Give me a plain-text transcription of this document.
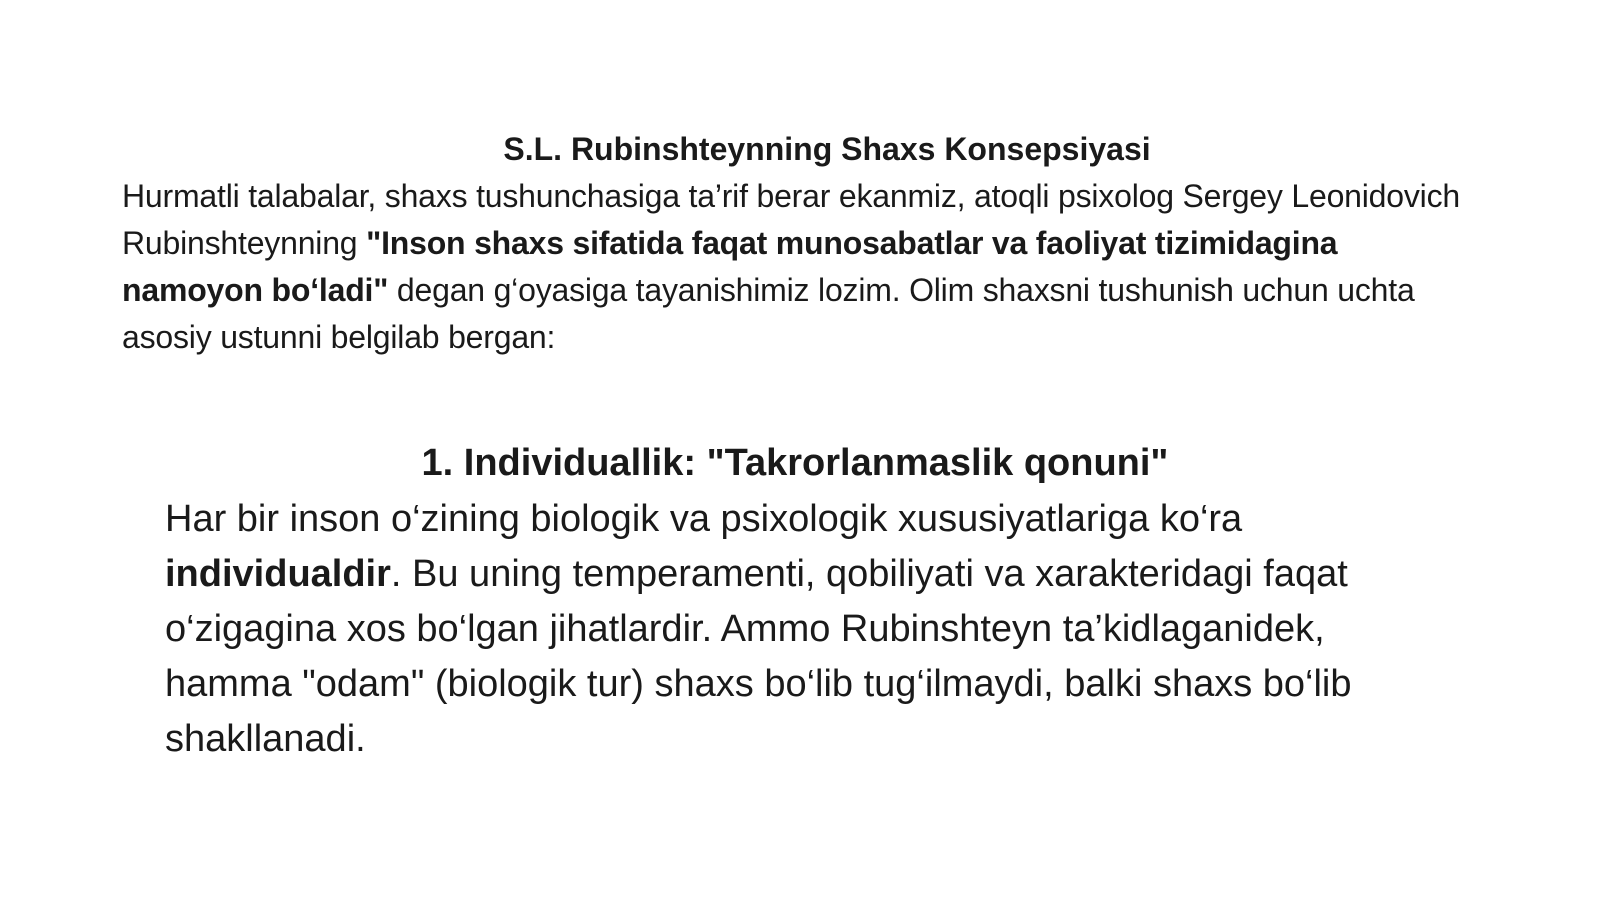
S.L. Rubinshteynning Shaxs Konsepsiyasi

Hurmatli talabalar, shaxs tushunchasiga ta’rif berar ekanmiz, atoqli psixolog Sergey Leonidovich Rubinshteynning "Inson shaxs sifatida faqat munosabatlar va faoliyat tizimidagina namoyon bo‘ladi" degan g‘oyasiga tayanishimiz lozim. Olim shaxsni tushunish uchun uchta asosiy ustunni belgilab bergan:

1. Individuallik: "Takrorlanmaslik qonuni"

Har bir inson o‘zining biologik va psixologik xususiyatlariga ko‘ra individualdir. Bu uning temperamenti, qobiliyati va xarakteridagi faqat o‘zigagina xos bo‘lgan jihatlardir. Ammo Rubinshteyn ta’kidlaganidek, hamma "odam" (biologik tur) shaxs bo‘lib tug‘ilmaydi, balki shaxs bo‘lib shakllanadi.
